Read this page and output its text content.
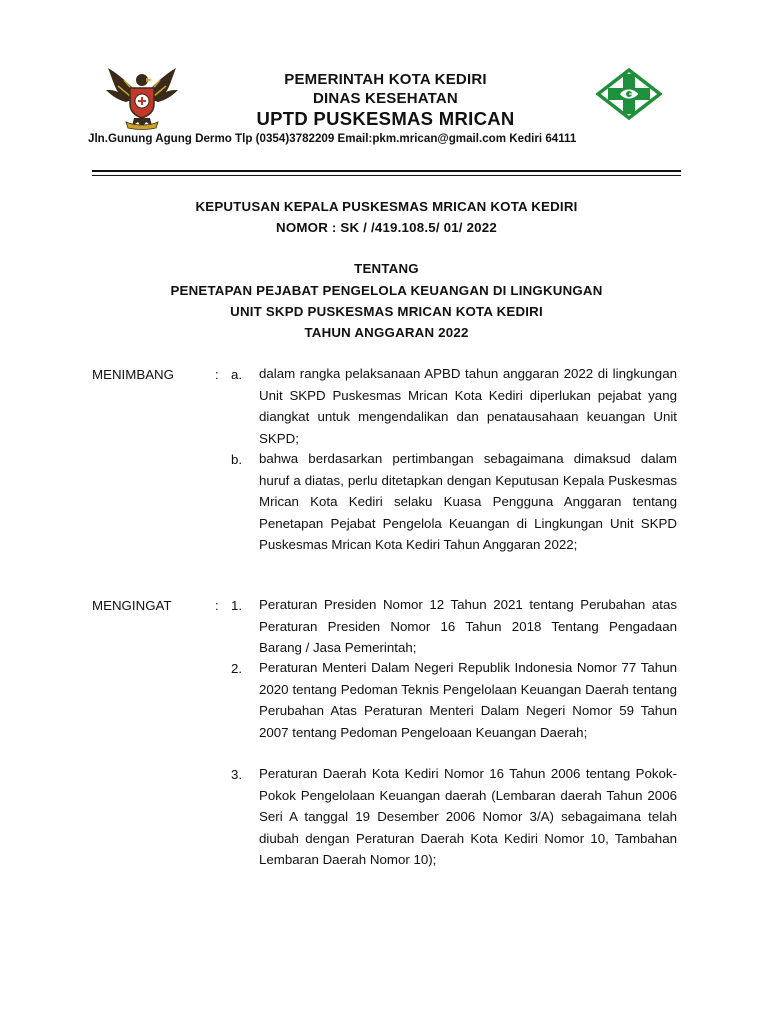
PEMERINTAH KOTA KEDIRI
DINAS KESEHATAN
UPTD PUSKESMAS MRICAN
Jln.Gunung Agung Dermo Tlp (0354)3782209 Email:pkm.mrican@gmail.com Kediri 64111
KEPUTUSAN KEPALA PUSKESMAS MRICAN KOTA KEDIRI
NOMOR : SK / /419.108.5/ 01/ 2022
TENTANG
PENETAPAN PEJABAT PENGELOLA KEUANGAN DI LINGKUNGAN
UNIT SKPD PUSKESMAS MRICAN KOTA KEDIRI
TAHUN ANGGARAN 2022
MENIMBANG	: a. dalam rangka pelaksanaan APBD tahun anggaran 2022 di lingkungan Unit SKPD Puskesmas Mrican Kota Kediri diperlukan pejabat yang diangkat untuk mengendalikan dan penatausahaan keuangan Unit SKPD;
b. bahwa berdasarkan pertimbangan sebagaimana dimaksud dalam huruf a diatas, perlu ditetapkan dengan Keputusan Kepala Puskesmas Mrican Kota Kediri selaku Kuasa Pengguna Anggaran tentang Penetapan Pejabat Pengelola Keuangan di Lingkungan Unit SKPD Puskesmas Mrican Kota Kediri Tahun Anggaran 2022;
MENGINGAT	: 1. Peraturan Presiden Nomor 12 Tahun 2021 tentang Perubahan atas Peraturan Presiden Nomor 16 Tahun 2018 Tentang Pengadaan Barang / Jasa Pemerintah;
2. Peraturan Menteri Dalam Negeri Republik Indonesia Nomor 77 Tahun 2020 tentang Pedoman Teknis Pengelolaan Keuangan Daerah tentang Perubahan Atas Peraturan Menteri Dalam Negeri Nomor 59 Tahun 2007 tentang Pedoman Pengeloaan Keuangan Daerah;
3. Peraturan Daerah Kota Kediri Nomor 16 Tahun 2006 tentang Pokok-Pokok Pengelolaan Keuangan daerah (Lembaran daerah Tahun 2006 Seri A tanggal 19 Desember 2006 Nomor 3/A) sebagaimana telah diubah dengan Peraturan Daerah Kota Kediri Nomor 10, Tambahan Lembaran Daerah Nomor 10);
